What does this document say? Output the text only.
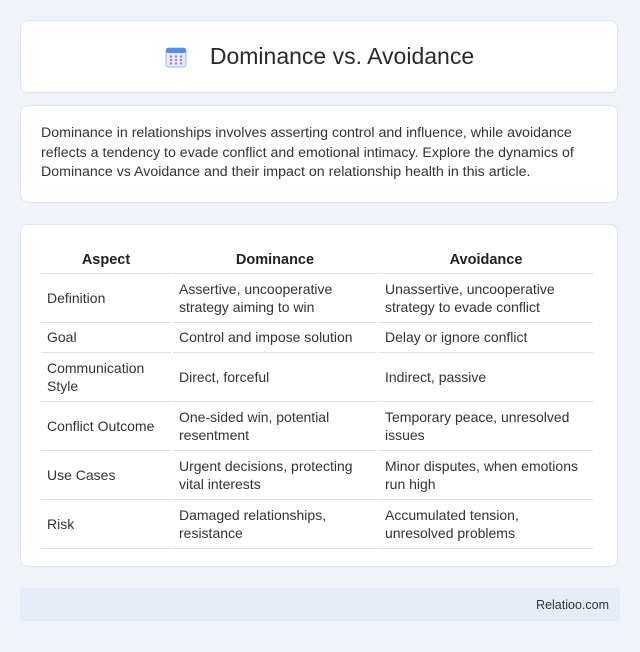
Dominance vs. Avoidance

Dominance in relationships involves asserting control and influence, while avoidance reflects a tendency to evade conflict and emotional intimacy. Explore the dynamics of Dominance vs Avoidance and their impact on relationship health in this article.

Aspect	Dominance	Avoidance
Definition	Assertive, uncooperative strategy aiming to win	Unassertive, uncooperative strategy to evade conflict
Goal	Control and impose solution	Delay or ignore conflict
Communication Style	Direct, forceful	Indirect, passive
Conflict Outcome	One-sided win, potential resentment	Temporary peace, unresolved issues
Use Cases	Urgent decisions, protecting vital interests	Minor disputes, when emotions run high
Risk	Damaged relationships, resistance	Accumulated tension, unresolved problems
Relatioo.com
